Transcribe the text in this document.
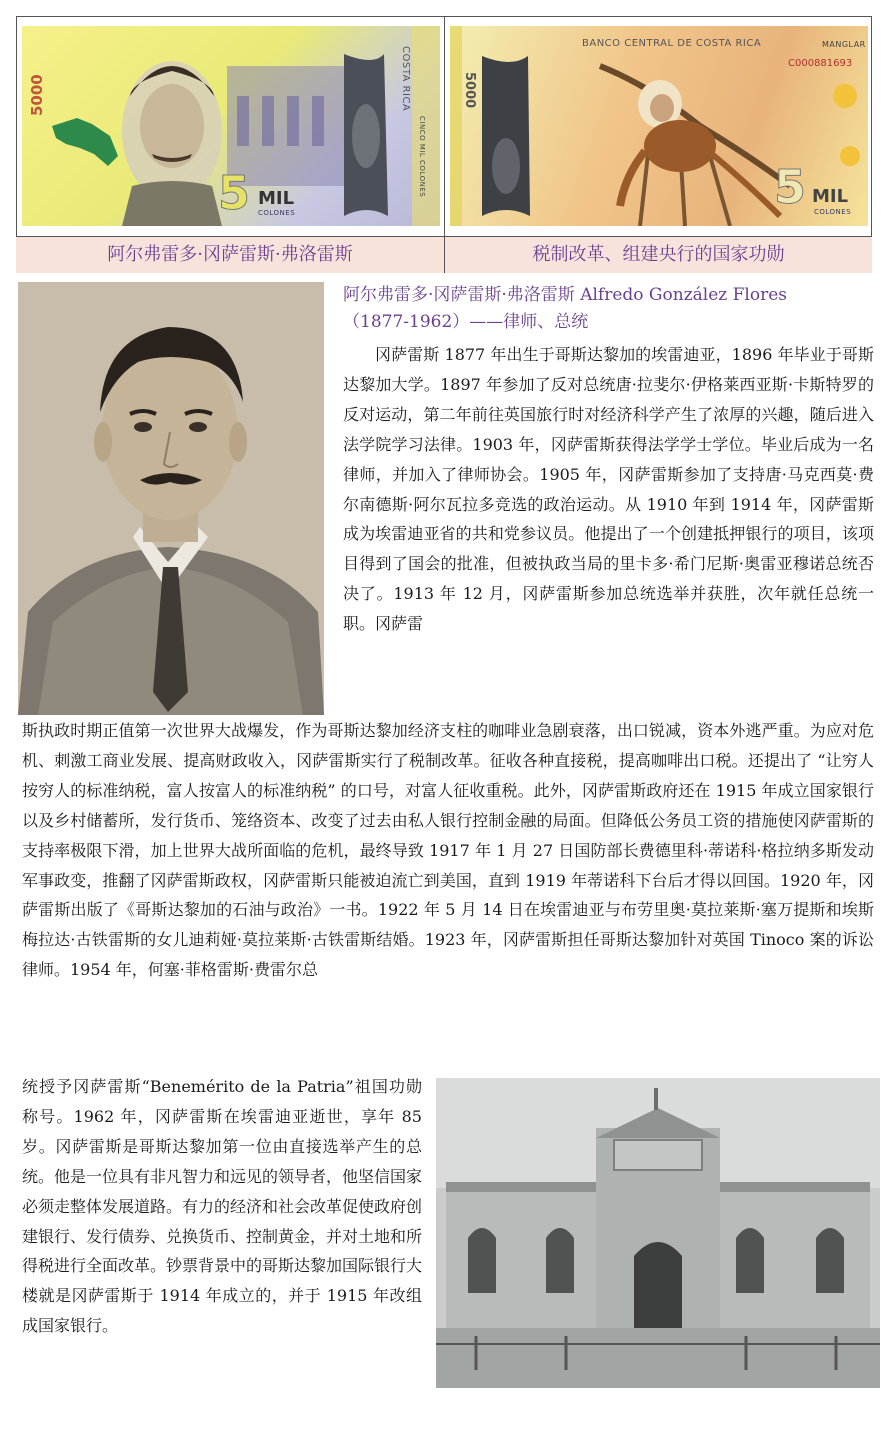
5000
5 MIL
COLONES
COSTA RICA
CINCO MIL COLONES
BANCO CENTRAL DE COSTA RICA	MANGLAR
C000881693
5000
5 MIL
COLONES
阿尔弗雷多·冈萨雷斯·弗洛雷斯	税制改革、组建央行的国家功勋
阿尔弗雷多·冈萨雷斯·弗洛雷斯 Alfredo González Flores
（1877-1962）——律师、总统

冈萨雷斯 1877 年出生于哥斯达黎加的埃雷迪亚，1896 年毕业于哥斯达黎加大学。1897 年参加了反对总统唐·拉斐尔·伊格莱西亚斯·卡斯特罗的反对运动，第二年前往英国旅行时对经济科学产生了浓厚的兴趣，随后进入法学院学习法律。1903 年，冈萨雷斯获得法学学士学位。毕业后成为一名律师，并加入了律师协会。1905 年，冈萨雷斯参加了支持唐·马克西莫·费尔南德斯·阿尔瓦拉多竞选的政治运动。从 1910 年到 1914 年，冈萨雷斯成为埃雷迪亚省的共和党参议员。他提出了一个创建抵押银行的项目，该项目得到了国会的批准，但被执政当局的里卡多·希门尼斯·奥雷亚穆诺总统否决了。1913 年 12 月，冈萨雷斯参加总统选举并获胜，次年就任总统一职。冈萨雷

斯执政时期正值第一次世界大战爆发，作为哥斯达黎加经济支柱的咖啡业急剧衰落，出口锐减，资本外逃严重。为应对危机、刺激工商业发展、提高财政收入，冈萨雷斯实行了税制改革。征收各种直接税，提高咖啡出口税。还提出了 “让穷人按穷人的标准纳税，富人按富人的标准纳税” 的口号，对富人征收重税。此外，冈萨雷斯政府还在 1915 年成立国家银行以及乡村储蓄所，发行货币、笼络资本、改变了过去由私人银行控制金融的局面。但降低公务员工资的措施使冈萨雷斯的支持率极限下滑，加上世界大战所面临的危机，最终导致 1917 年 1 月 27 日国防部长费德里科·蒂诺科·格拉纳多斯发动军事政变，推翻了冈萨雷斯政权，冈萨雷斯只能被迫流亡到美国，直到 1919 年蒂诺科下台后才得以回国。1920 年，冈萨雷斯出版了《哥斯达黎加的石油与政治》一书。1922 年 5 月 14 日在埃雷迪亚与布劳里奥·莫拉莱斯·塞万提斯和埃斯梅拉达·古铁雷斯的女儿迪莉娅·莫拉莱斯·古铁雷斯结婚。1923 年，冈萨雷斯担任哥斯达黎加针对英国 Tinoco 案的诉讼律师。1954 年，何塞·菲格雷斯·费雷尔总

统授予冈萨雷斯“Benemérito de la Patria”祖国功勋 称号。1962 年，冈萨雷斯在埃雷迪亚逝世，享年 85 岁。冈萨雷斯是哥斯达黎加第一位由直接选举产生的总统。他是一位具有非凡智力和远见的领导者，他坚信国家必须走整体发展道路。有力的经济和社会改革促使政府创建银行、发行债券、兑换货币、控制黄金，并对土地和所得税进行全面改革。钞票背景中的哥斯达黎加国际银行大楼就是冈萨雷斯于 1914 年成立的，并于 1915 年改组成国家银行。
